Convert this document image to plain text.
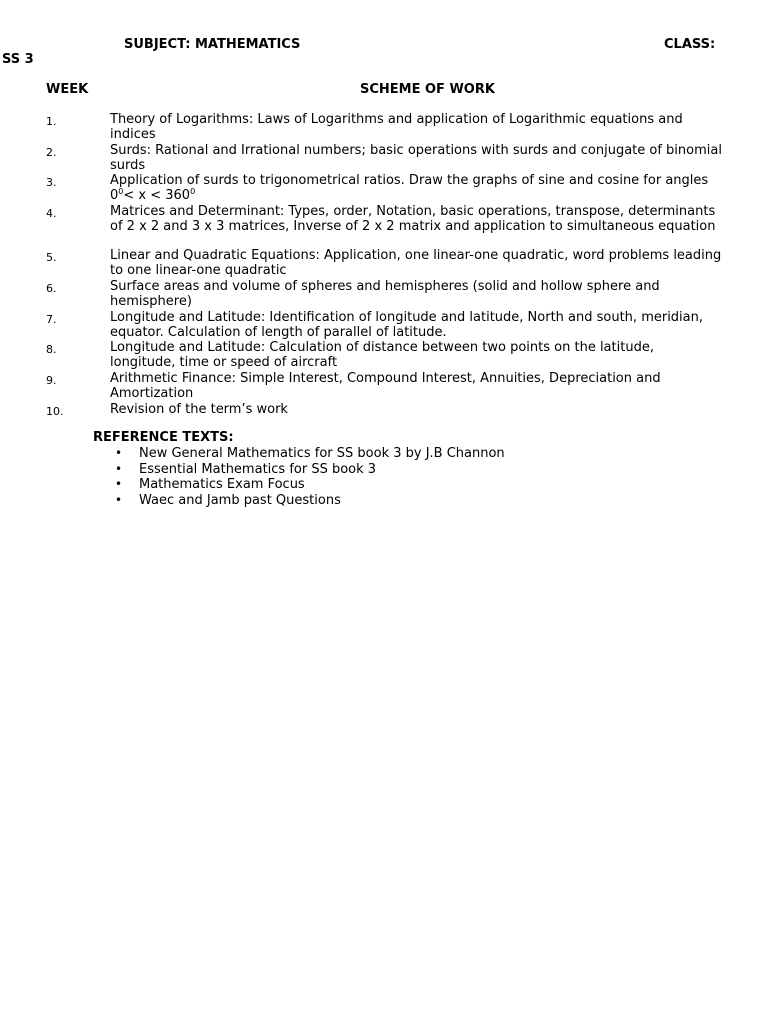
SUBJECT: MATHEMATICS	CLASS:
SS 3
WEEK	SCHEME OF WORK
1.	Theory of Logarithms: Laws of Logarithms and application of Logarithmic equations and indices
2.	Surds: Rational and Irrational numbers; basic operations with surds and conjugate of binomial surds
3.	Application of surds to trigonometrical ratios. Draw the graphs of sine and cosine for angles $0^0< x < 360^0$
4.	Matrices and Determinant: Types, order, Notation, basic operations, transpose, determinants of 2 x 2 and 3 x 3 matrices, Inverse of 2 x 2 matrix and application to simultaneous equation
5.	Linear and Quadratic Equations: Application, one linear-one quadratic, word problems leading to one linear-one quadratic
6.	Surface areas and volume of spheres and hemispheres (solid and hollow sphere and hemisphere)
7.	Longitude and Latitude: Identification of longitude and latitude, North and south, meridian, equator. Calculation of length of parallel of latitude.
8.	Longitude and Latitude: Calculation of distance between two points on the latitude, longitude, time or speed of aircraft
9.	Arithmetic Finance: Simple Interest, Compound Interest, Annuities, Depreciation and Amortization
10.	Revision of the term’s work
REFERENCE TEXTS:
• New General Mathematics for SS book 3 by J.B Channon
• Essential Mathematics for SS book 3
• Mathematics Exam Focus
• Waec and Jamb past Questions
